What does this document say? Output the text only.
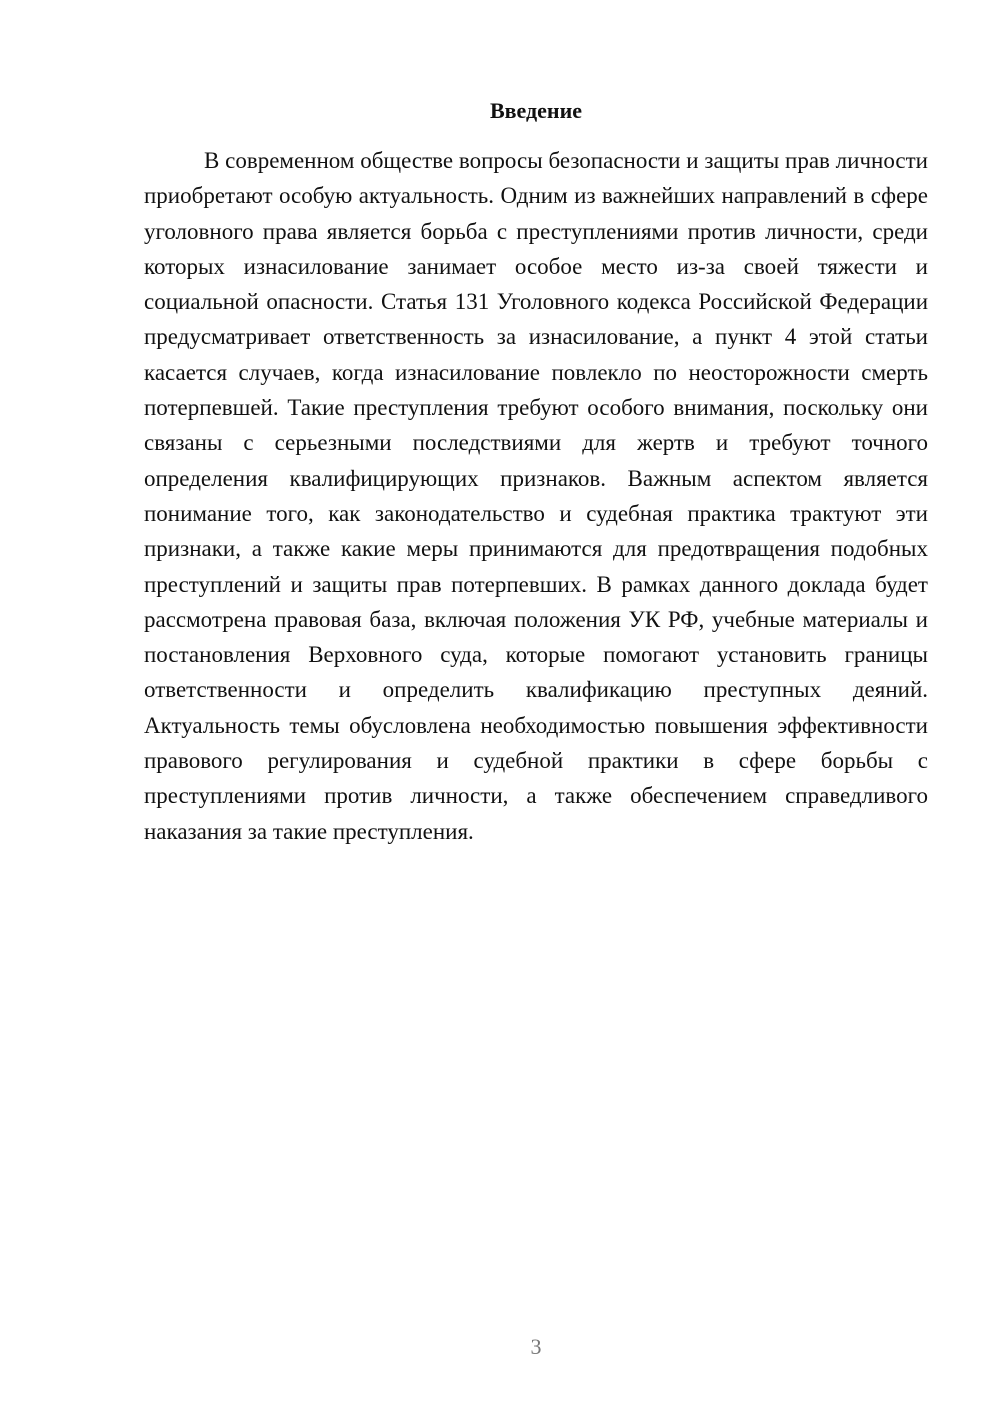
Введение

В современном обществе вопросы безопасности и защиты прав личности приобретают особую актуальность. Одним из важнейших направлений в сфере уголовного права является борьба с преступлениями против личности, среди которых изнасилование занимает особое место из-за своей тяжести и социальной опасности. Статья 131 Уголовного кодекса Российской Федерации предусматривает ответственность за изнасилование, а пункт 4 этой статьи касается случаев, когда изнасилование повлекло по неосторожности смерть потерпевшей. Такие преступления требуют особого внимания, поскольку они связаны с серьезными последствиями для жертв и требуют точного определения квалифицирующих признаков. Важным аспектом является понимание того, как законодательство и судебная практика трактуют эти признаки, а также какие меры принимаются для предотвращения подобных преступлений и защиты прав потерпевших. В рамках данного доклада будет рассмотрена правовая база, включая положения УК РФ, учебные материалы и постановления Верховного суда, которые помогают установить границы ответственности и определить квалификацию преступных деяний. Актуальность темы обусловлена необходимостью повышения эффективности правового регулирования и судебной практики в сфере борьбы с преступлениями против личности, а также обеспечением справедливого наказания за такие преступления.

3
